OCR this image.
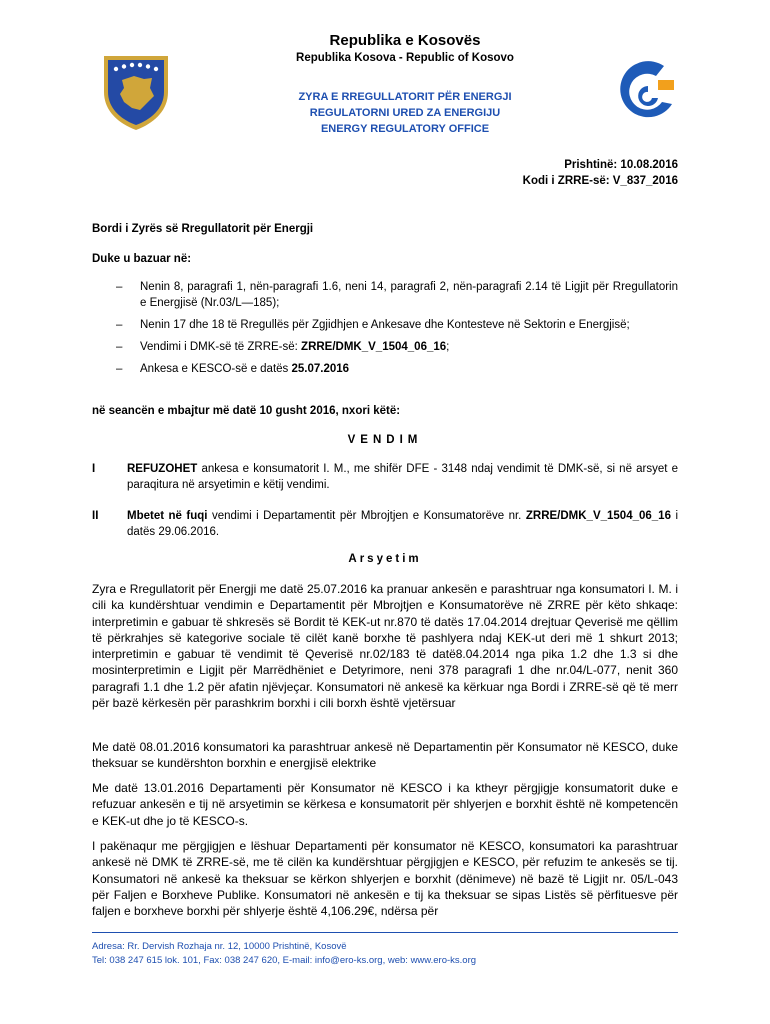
Republika e Kosovës
Republika Kosova - Republic of Kosovo
ZYRA E RREGULLATORIT PËR ENERGJI
REGULATORNI URED ZA ENERGIJU
ENERGY REGULATORY OFFICE
Prishtinë: 10.08.2016
Kodi i ZRRE-së: V_837_2016
Bordi i Zyrës së Rregullatorit për Energji
Duke u bazuar në:
– Nenin 8, paragrafi 1, nën-paragrafi 1.6, neni 14, paragrafi 2, nën-paragrafi 2.14 të Ligjit për Rregullatorin e Energjisë (Nr.03/L—185);
– Nenin 17 dhe 18 të Rregullës për Zgjidhjen e Ankesave dhe Kontesteve në Sektorin e Energjisë;
– Vendimi i DMK-së të ZRRE-së: ZRRE/DMK_V_1504_06_16;
– Ankesa e KESCO-së e datës 25.07.2016
në seancën e mbajtur më datë 10 gusht 2016, nxori këtë:
VENDIM
I	REFUZOHET ankesa e konsumatorit I. M., me shifër DFE - 3148 ndaj vendimit të DMK-së, si në arsyet e paraqitura në arsyetimin e këtij vendimi.
II Mbetet në fuqi vendimi i Departamentit për Mbrojtjen e Konsumatorëve nr. ZRRE/DMK_V_1504_06_16 i datës 29.06.2016.
Arsyetim
Zyra e Rregullatorit për Energji me datë 25.07.2016 ka pranuar ankesën e parashtruar nga konsumatori I. M. i cili ka kundërshtuar vendimin e Departamentit për Mbrojtjen e Konsumatorëve në ZRRE për këto shkaqe: interpretimin e gabuar të shkresës së Bordit të KEK-ut nr.870 të datës 17.04.2014 drejtuar Qeverisë me qëllim të përkrahjes së kategorive sociale të cilët kanë borxhe të pashlyera ndaj KEK-ut deri më 1 shkurt 2013; interpretimin e gabuar të vendimit të Qeverisë nr.02/183 të datë8.04.2014 nga pika 1.2 dhe 1.3 si dhe mosinterpretimin e Ligjit për Marrëdhëniet e Detyrimore, neni 378 paragrafi 1 dhe nr.04/L-077, nenit 360 paragrafi 1.1 dhe 1.2 për afatin njëvjeçar. Konsumatori në ankesë ka kërkuar nga Bordi i ZRRE-së që të merr për bazë kërkesën për parashkrim borxhi i cili borxh është vjetërsuar
Me datë 08.01.2016 konsumatori ka parashtruar ankesë në Departamentin për Konsumator në KESCO, duke theksuar se kundërshton borxhin e energjisë elektrike
Me datë 13.01.2016 Departamenti për Konsumator në KESCO i ka ktheyr përgjigje konsumatorit duke e refuzuar ankesën e tij në arsyetimin se kërkesa e konsumatorit për shlyerjen e borxhit është në kompetencën e KEK-ut dhe jo të KESCO-s.
I pakënaqur me përgjigjen e lëshuar Departamenti për konsumator në KESCO, konsumatori ka parashtruar ankesë në DMK të ZRRE-së, me të cilën ka kundërshtuar përgjigjen e KESCO, për refuzim te ankesës se tij. Konsumatori në ankesë ka theksuar se kërkon shlyerjen e borxhit (dënimeve) në bazë të Ligjit nr. 05/L-043 për Faljen e Borxheve Publike. Konsumatori në ankesën e tij ka theksuar se sipas Listës së përfituesve për faljen e borxheve borxhi për shlyerje është 4,106.29€, ndërsa për
Adresa: Rr. Dervish Rozhaja nr. 12, 10000 Prishtinë, Kosovë
Tel: 038 247 615 lok. 101, Fax: 038 247 620, E-mail: info@ero-ks.org, web: www.ero-ks.org
